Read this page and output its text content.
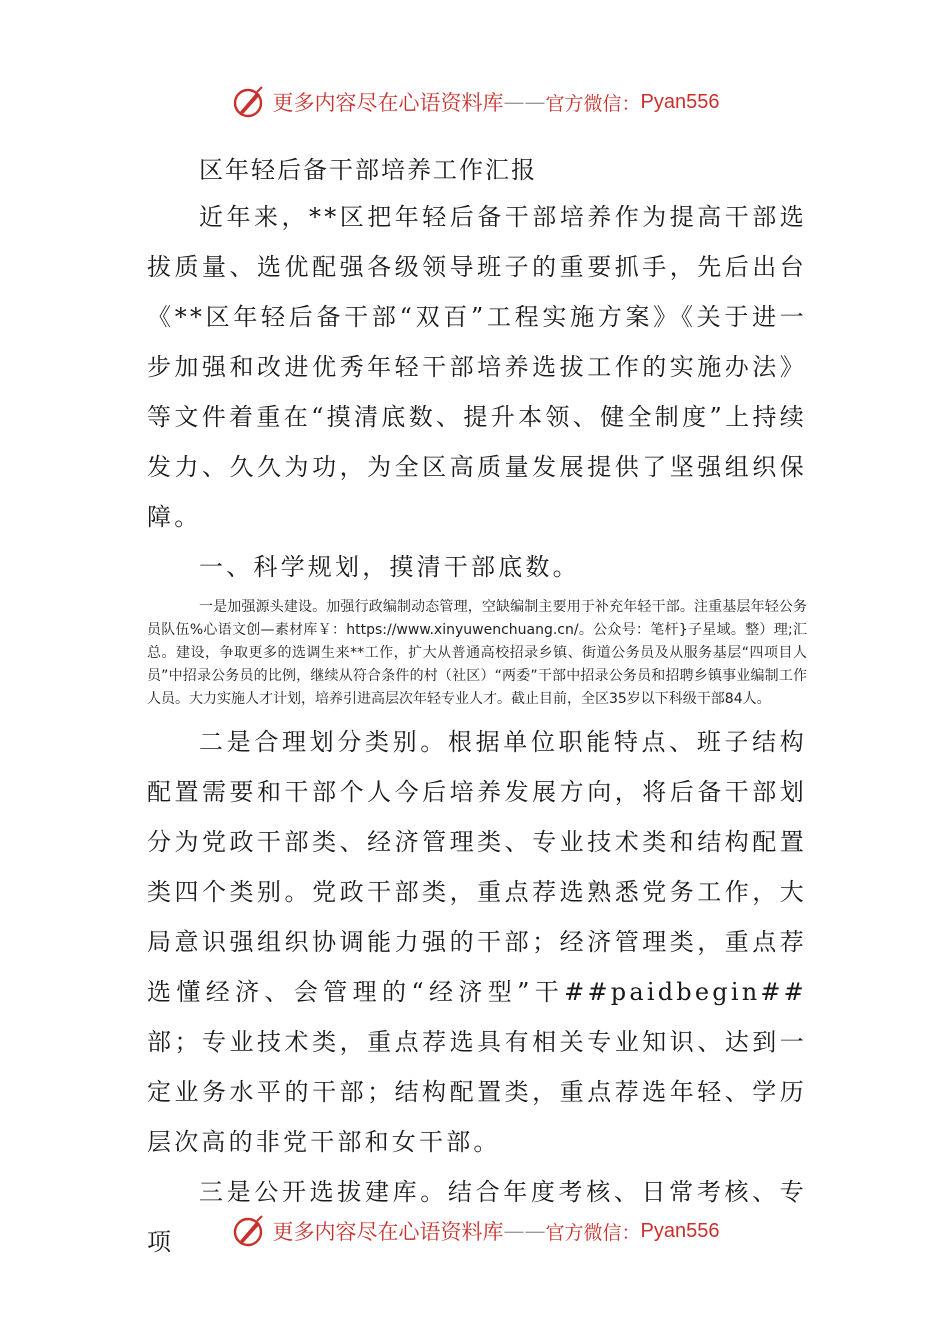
更多内容尽在心语资料库 —— 官方微信： Pyan556
区年轻后备干部培养工作汇报

近年来，**区把年轻后备干部培养作为提高干部选拔质量、选优配强各级领导班子的重要抓手，先后出台《**区年轻后备干部“双百”工程实施方案》《关于进一步加强和改进优秀年轻干部培养选拔工作的实施办法》等文件着重在“摸清底数、提升本领、健全制度”上持续发力、久久为功，为全区高质量发展提供了坚强组织保障。

一、科学规划，摸清干部底数。

一是加强源头建设。加强行政编制动态管理，空缺编制主要用于补充年轻干部。注重基层年轻公务员队伍%心语文创—素材库￥：https://www.xinyuwenchuang.cn/。公众号：笔杆}子星域。整）理;汇总。建设，争取更多的选调生来**工作，扩大从普通高校招录乡镇、街道公务员及从服务基层“四项目人员”中招录公务员的比例，继续从符合条件的村（社区）“两委”干部中招录公务员和招聘乡镇事业编制工作人员。大力实施人才计划，培养引进高层次年轻专业人才。截止目前，全区35岁以下科级干部84人。

二是合理划分类别。根据单位职能特点、班子结构配置需要和干部个人今后培养发展方向，将后备干部划分为党政干部类、经济管理类、专业技术类和结构配置类四个类别。党政干部类，重点荐选熟悉党务工作，大局意识强组织协调能力强的干部；经济管理类，重点荐选懂经济、会管理的“经济型”干##paidbegin##部；专业技术类，重点荐选具有相关专业知识、达到一定业务水平的干部；结构配置类，重点荐选年轻、学历层次高的非党干部和女干部。

三是公开选拔建库。结合年度考核、日常考核、专项	更多内容尽在心语资料库 —— 官方微信： Pyan556
